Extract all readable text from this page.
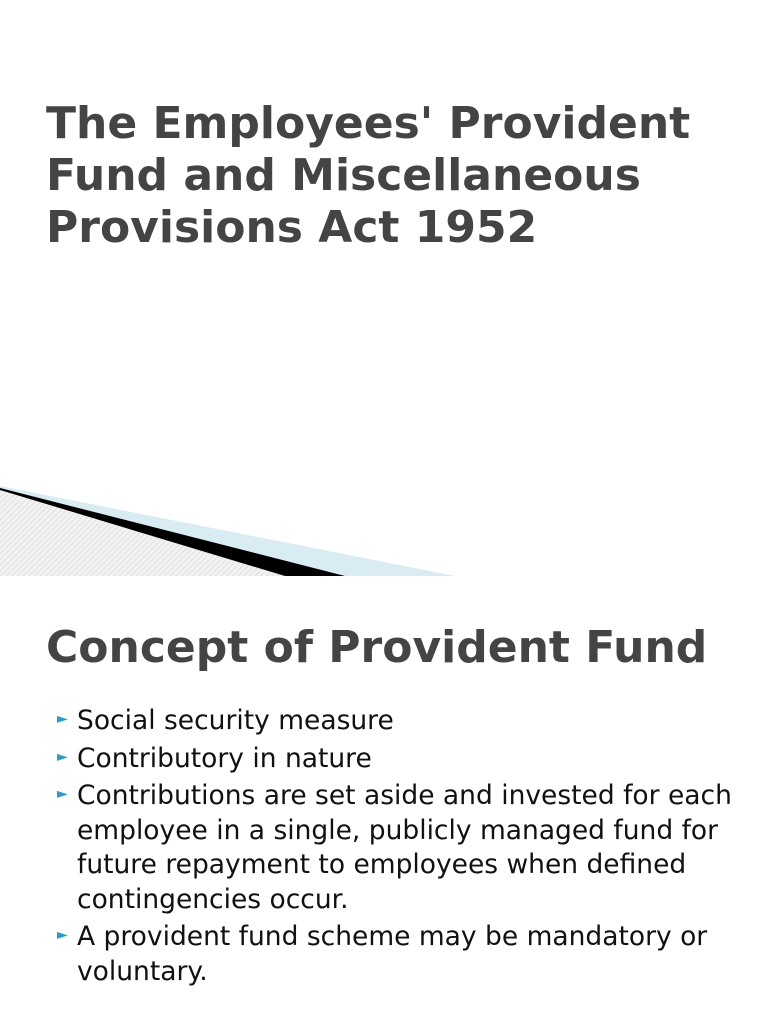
The Employees' Provident
Fund and Miscellaneous
Provisions Act 1952
Concept of Provident Fund
► Social security measure
► Contributory in nature
► Contributions are set aside and invested for each employee in a single, publicly managed fund for future repayment to employees when defined contingencies occur.
► A provident fund scheme may be mandatory or voluntary.
